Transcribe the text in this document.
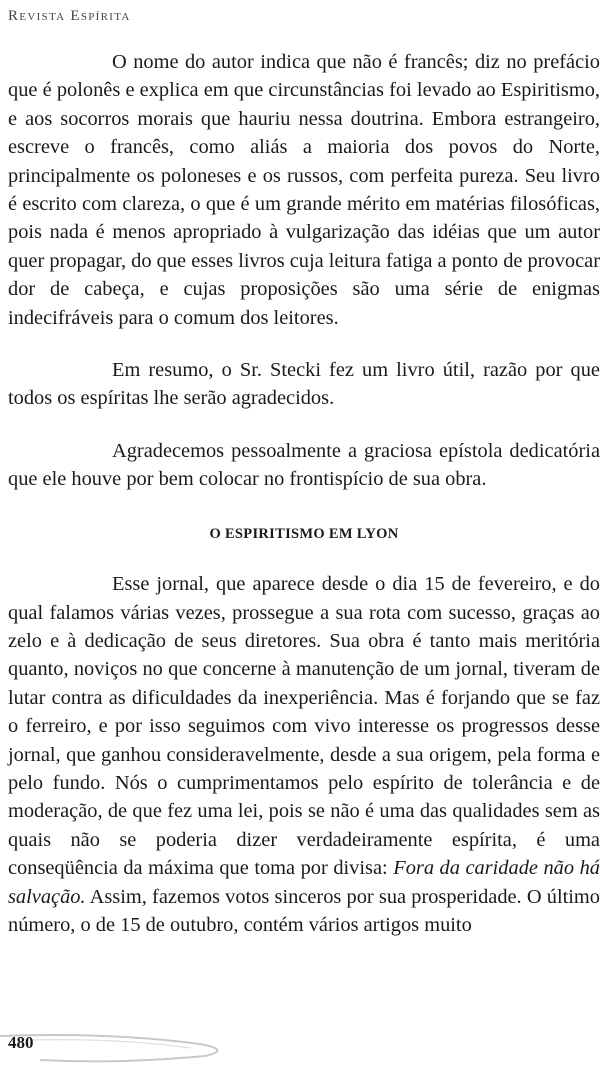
Revista Espírita

O nome do autor indica que não é francês; diz no prefácio que é polonês e explica em que circunstâncias foi levado ao Espiritismo, e aos socorros morais que hauriu nessa doutrina. Embora estrangeiro, escreve o francês, como aliás a maioria dos povos do Norte, principalmente os poloneses e os russos, com perfeita pureza. Seu livro é escrito com clareza, o que é um grande mérito em matérias filosóficas, pois nada é menos apropriado à vulgarização das idéias que um autor quer propagar, do que esses livros cuja leitura fatiga a ponto de provocar dor de cabeça, e cujas proposições são uma série de enigmas indecifráveis para o comum dos leitores.

Em resumo, o Sr. Stecki fez um livro útil, razão por que todos os espíritas lhe serão agradecidos.

Agradecemos pessoalmente a graciosa epístola dedicatória que ele houve por bem colocar no frontispício de sua obra.

O ESPIRITISMO EM LYON

Esse jornal, que aparece desde o dia 15 de fevereiro, e do qual falamos várias vezes, prossegue a sua rota com sucesso, graças ao zelo e à dedicação de seus diretores. Sua obra é tanto mais meritória quanto, noviços no que concerne à manutenção de um jornal, tiveram de lutar contra as dificuldades da inexperiência. Mas é forjando que se faz o ferreiro, e por isso seguimos com vivo interesse os progressos desse jornal, que ganhou consideravelmente, desde a sua origem, pela forma e pelo fundo. Nós o cumprimentamos pelo espírito de tolerância e de moderação, de que fez uma lei, pois se não é uma das qualidades sem as quais não se poderia dizer verdadeiramente espírita, é uma conseqüência da máxima que toma por divisa: Fora da caridade não há salvação. Assim, fazemos votos sinceros por sua prosperidade. O último número, o de 15 de outubro, contém vários artigos muito

480
